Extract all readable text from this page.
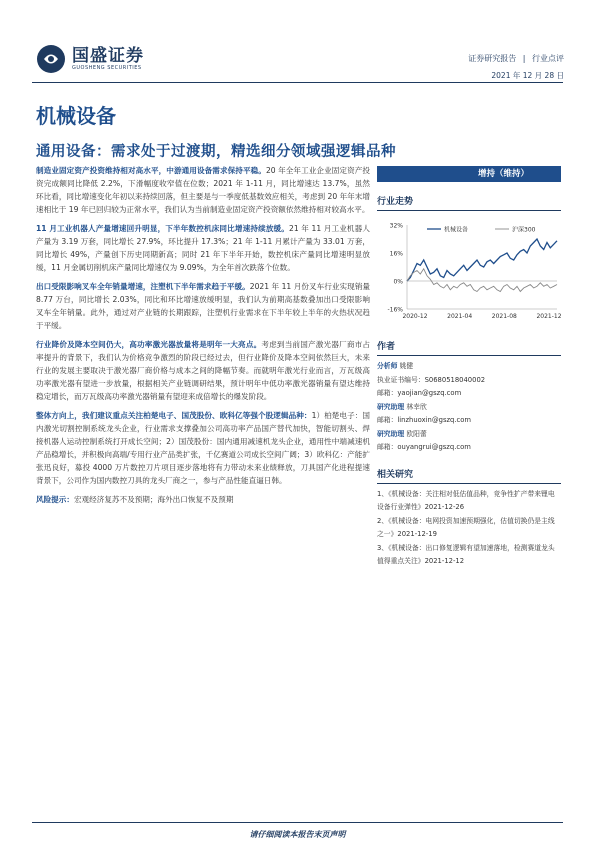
国盛证券
GUOSHENG SECURITIES
证券研究报告 | 行业点评
2021 年 12 月 28 日
机械设备
通用设备：需求处于过渡期，精选细分领域强逻辑品种

制造业固定资产投资维持相对高水平，中游通用设备需求保持平稳。20 年全年工业企业固定资产投资完成额同比降低 2.2%，下滑幅度收窄值在位数；2021 年 1-11 月，同比增速达 13.7%，虽然环比看，同比增速变化年初以来持续回落，但主要是与一季度低基数效应相关，考虑到 20 年年末增速相比于 19 年已回归较为正常水平，我们认为当前制造业固定资产投资额依然维持相对较高水平。

11 月工业机器人产量增速回升明显，下半年数控机床同比增速持续放缓。21 年 11 月工业机器人产量为 3.19 万套，同比增长 27.9%，环比提升 17.3%；21 年 1-11 月累计产量为 33.01 万套，同比增长 49%，产量创下历史同期新高；同时 21 年下半年开始，数控机床产量同比增速明显放缓，11 月金属切削机床产量同比增速仅为 9.09%，为全年首次跌落个位数。

出口受限影响叉车全年销量增速，注塑机下半年需求趋于平缓。2021 年 11 月份叉车行业实现销量 8.77 万台，同比增长 2.03%，同比和环比增速放缓明显，我们认为前期高基数叠加出口受限影响叉车全年销量。此外，通过对产业链的长期跟踪，注塑机行业需求在下半年较上半年的火热状况趋于平缓。

行业降价及降本空间仍大，高功率激光器放量将是明年一大亮点。考虑到当前国产激光器厂商市占率提升的背景下，我们认为价格竞争激烈的阶段已经过去，但行业降价及降本空间依然巨大，未来行业的发展主要取决于激光器厂商价格与成本之间的降幅节奏。而就明年激光行业而言，万瓦级高功率激光器有望进一步放量，根据相关产业链调研结果，预计明年中低功率激光器销量有望达维持稳定增长，而万瓦级高功率激光器销量有望迎来成倍增长的爆发阶段。

整体方向上，我们建议重点关注柏楚电子、国茂股份、欧科亿等强个股逻辑品种：1）柏楚电子：国内激光切割控制系统龙头企业，行业需求支撑叠加公司高功率产品国产替代加快，智能切割头、焊接机器人运动控制系统打开成长空间；2）国茂股份：国内通用减速机龙头企业，通用性中端减速机产品稳增长，并积极向高端/专用行业产品类扩张，千亿赛道公司成长空间广阔；3）欧科亿：产能扩张迅良好，募投 4000 万片数控刀片项目逐步落地将有力带动未来业绩释放，刀具国产化进程提速背景下，公司作为国内数控刀具的龙头厂商之一，参与产品性能直逼日韩。

风险提示：宏观经济复苏不及预期；海外出口恢复不及预期

增持（维持）
行业走势
32%
16%
0%
-16%
2020-12	2021-04	2021-08	2021-12
机械设备	沪深300
作者
分析师 姚健
执业证书编号：S0680518040002
邮箱：yaojian@gszq.com
研究助理 林幸欣
邮箱：linzhuoxin@gszq.com
研究助理 欧阳蕾
邮箱：ouyangrui@gszq.com
相关研究
1、《机械设备：关注相对低估值品种，竞争性扩产带来锂电设备行业弹性》2021-12-26
2、《机械设备：电网投资加速预期强化，估值切换仍是主线之一》2021-12-19
3、《机械设备：出口修复逻辑有望加速落地，检测赛道龙头值得重点关注》2021-12-12
请仔细阅读本报告末页声明
